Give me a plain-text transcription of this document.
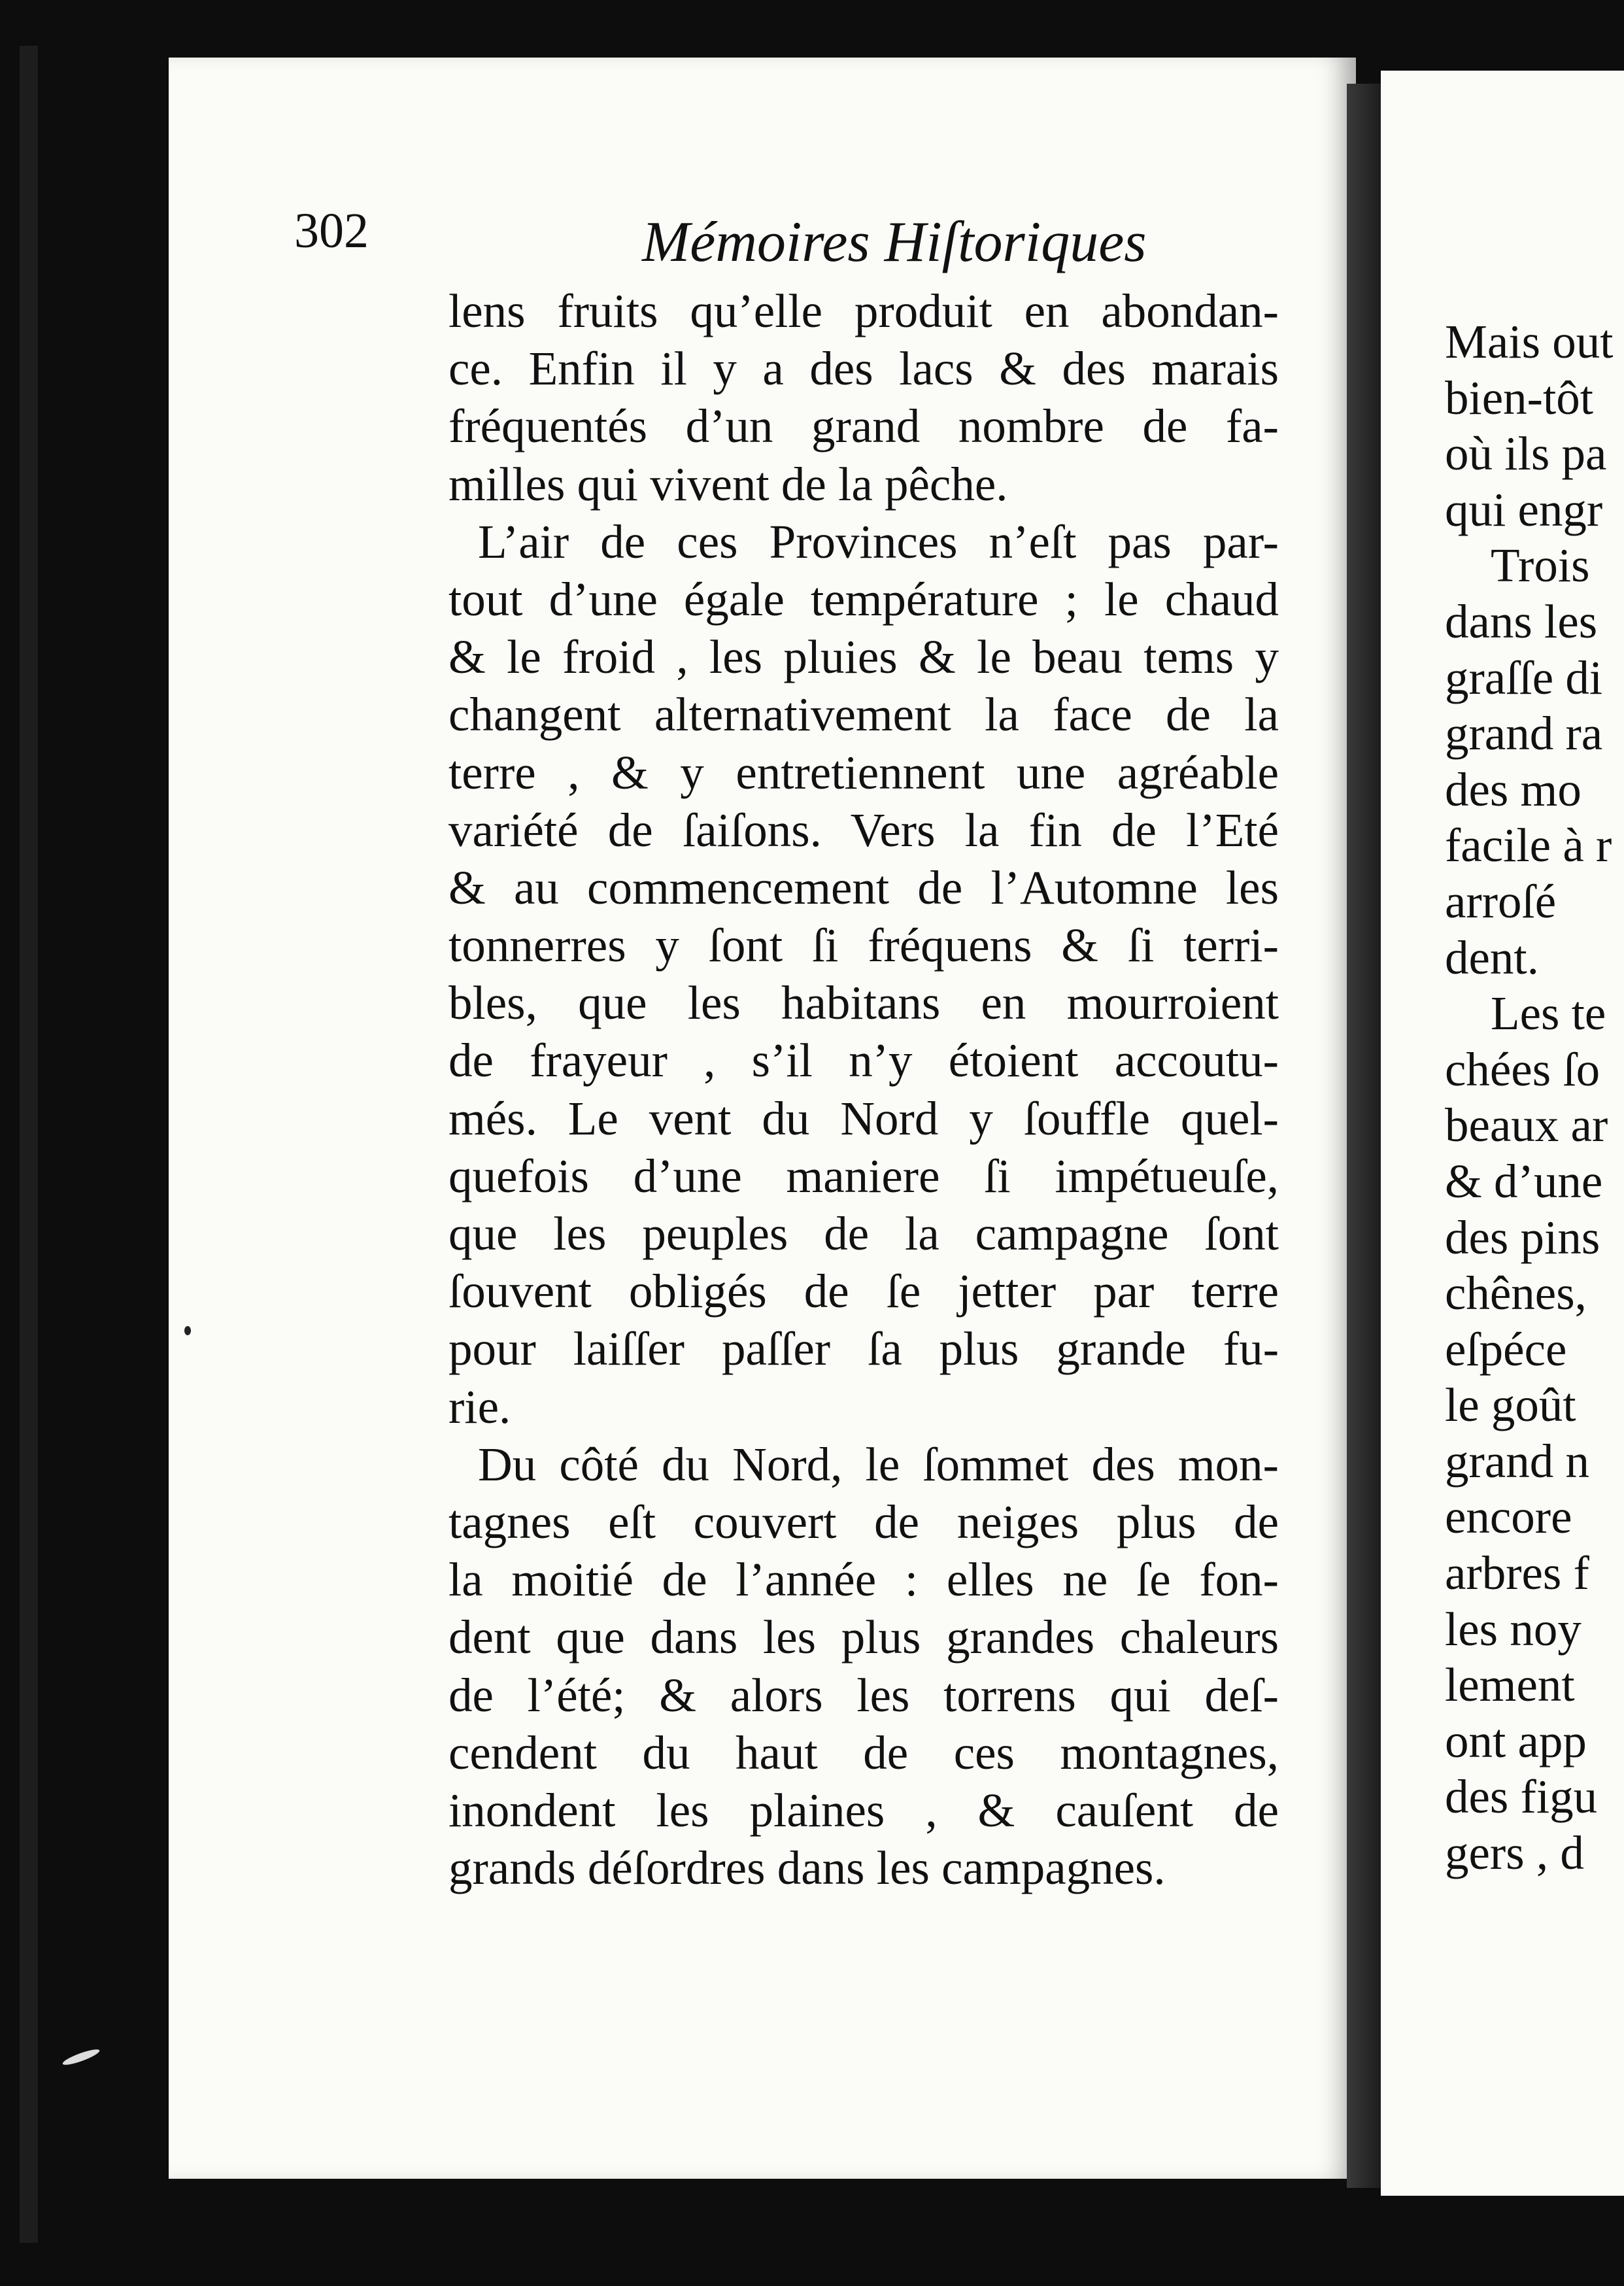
Mais out
bien-tôt
où ils pa
qui engr
Trois
dans les
graſſe di
grand ra
des mo
facile à r
arroſé
dent.
Les te
chées ſo
beaux ar
& d’une
des pins
chênes,
eſpéce
le goût
grand n
encore
arbres f
les noy
lement
ont app
des figu
gers , d
302	Mémoires Hiſtoriques
lens fruits qu’elle produit en abondan-
ce. Enfin il y a des lacs & des marais
fréquentés d’un grand nombre de fa-
milles qui vivent de la pêche.
L’air de ces Provinces n’eſt pas par-
tout d’une égale température ; le chaud
& le froid , les pluies & le beau tems y
changent alternativement la face de la
terre , & y entretiennent une agréable
variété de ſaiſons. Vers la fin de l’Eté
& au commencement de l’Automne les
tonnerres y ſont ſi fréquens & ſi terri-
bles, que les habitans en mourroient
de frayeur , s’il n’y étoient accoutu-
més. Le vent du Nord y ſouffle quel-
quefois d’une maniere ſi impétueuſe,
que les peuples de la campagne ſont
ſouvent obligés de ſe jetter par terre
pour laiſſer paſſer ſa plus grande fu-
rie.
Du côté du Nord, le ſommet des mon-
tagnes eſt couvert de neiges plus de
la moitié de l’année : elles ne ſe fon-
dent que dans les plus grandes chaleurs
de l’été; & alors les torrens qui deſ-
cendent du haut de ces montagnes,
inondent les plaines , & cauſent de
grands déſordres dans les campagnes.
